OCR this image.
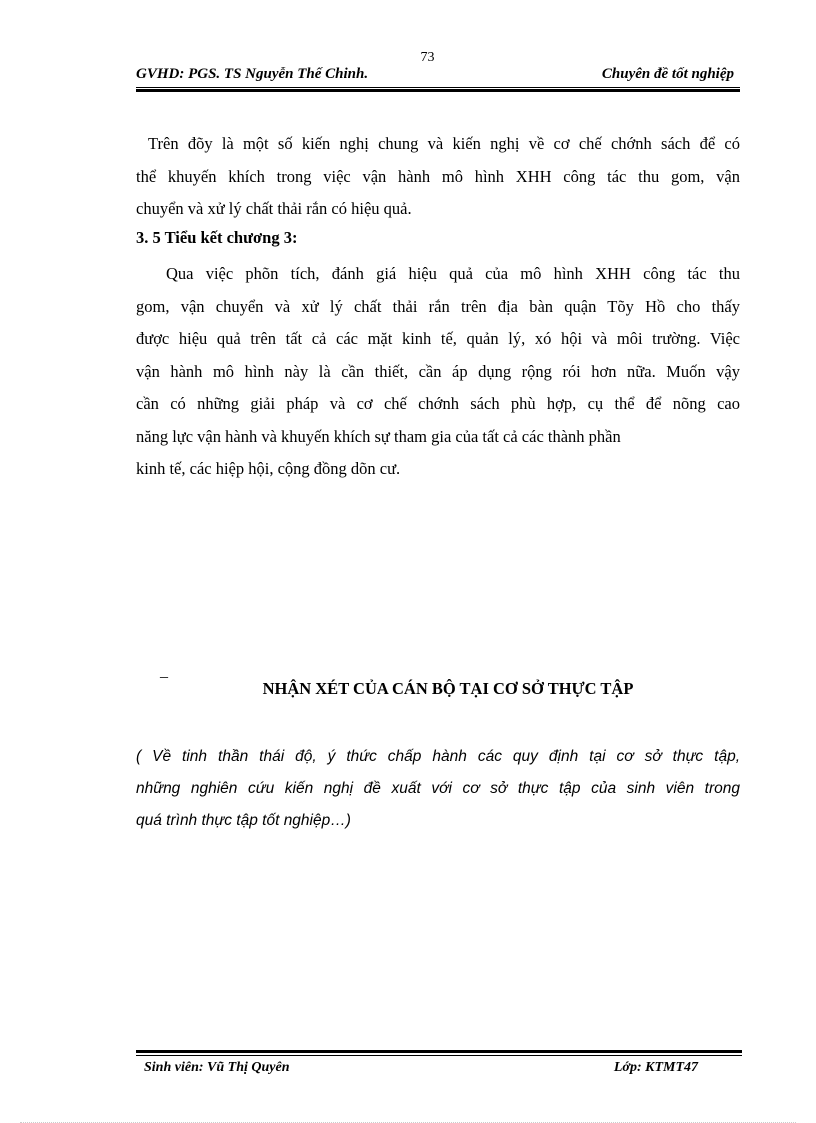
73
GVHD: PGS. TS Nguyễn Thế Chinh.	Chuyên đề tốt nghiệp
Trên đõy là một số kiến nghị chung và kiến nghị về cơ chế chớnh sách để có
thể khuyến khích trong việc vận hành mô hình XHH công tác thu gom, vận
chuyển và xử lý chất thải rắn có hiệu quả.
3. 5 Tiểu kết chương 3:
Qua việc phõn tích, đánh giá hiệu quả của mô hình XHH công tác thu
gom, vận chuyển và xử lý chất thải rắn trên địa bàn quận Tõy Hồ cho thấy
được hiệu quả trên tất cả các mặt kinh tế, quản lý, xó hội và môi trường. Việc
vận hành mô hình này là cần thiết, cần áp dụng rộng rói hơn nữa. Muốn vậy
cần có những giải pháp và cơ chế chớnh sách phù hợp, cụ thể để nõng cao
năng lực vận hành và khuyến khích sự tham gia của tất cả các thành phần
kinh tế, các hiệp hội, cộng đồng dõn cư.
_
NHẬN XÉT CỦA CÁN BỘ TẠI CƠ SỞ THỰC TẬP
( Về tinh thần thái độ, ý thức chấp hành các quy định tại cơ sở thực tập,
những nghiên cứu kiến nghị đề xuất với cơ sở thực tập của sinh viên trong
quá trình thực tập tốt nghiệp…)
Sinh viên: Vũ Thị Quyên	Lớp: KTMT47
